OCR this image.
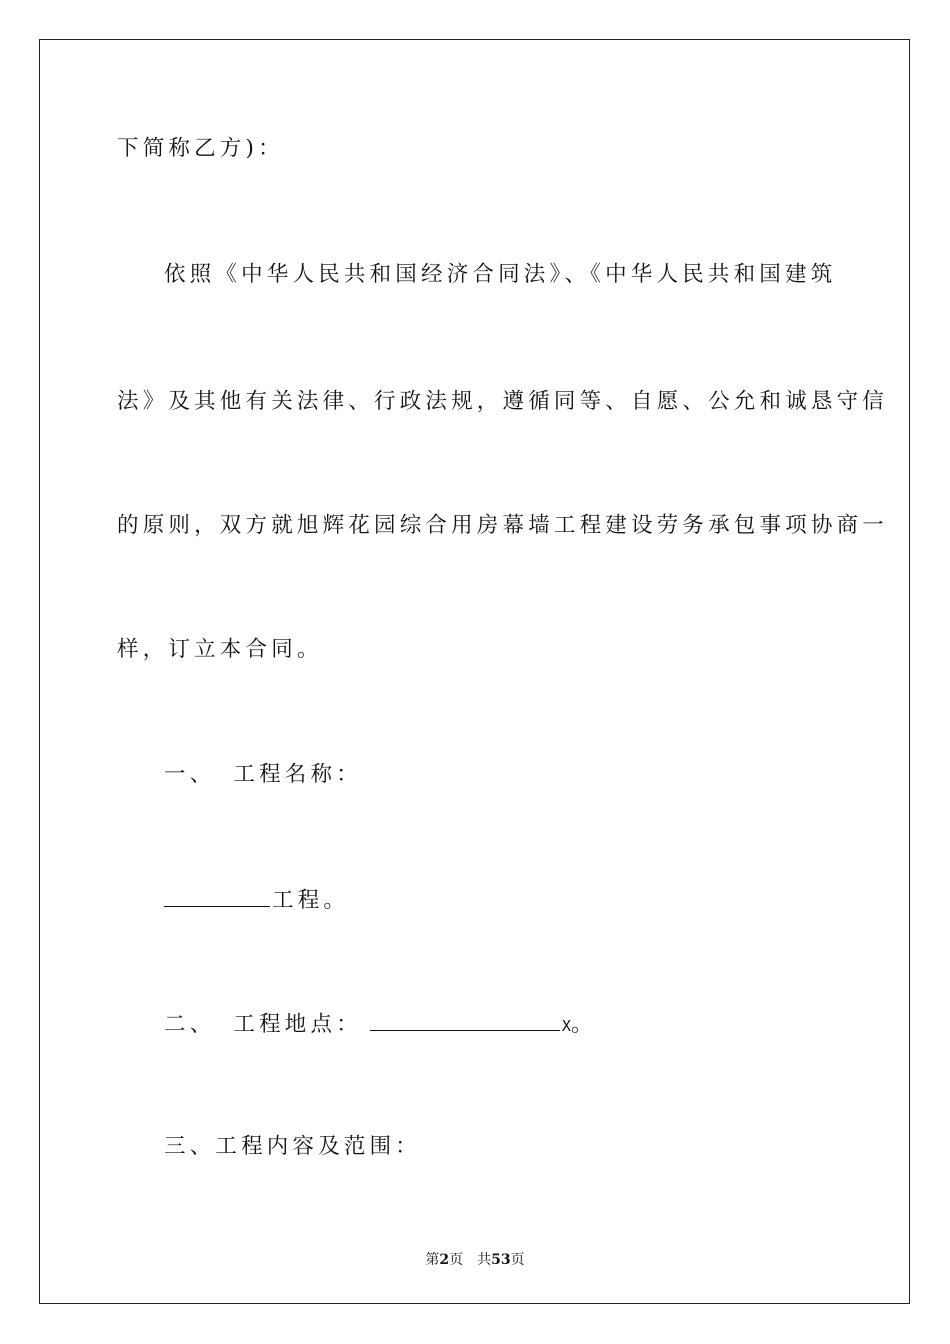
下简称乙方)：
依照《中华人民共和国经济合同法》、《中华人民共和国建筑
法》及其他有关法律、行政法规，遵循同等、自愿、公允和诚恳守信
的原则，双方就旭辉花园综合用房幕墙工程建设劳务承包事项协商一
样，订立本合同。
一、 工程名称：
工程。
二、 工程地点：	X。
三、工程内容及范围：
第2页 共53页
